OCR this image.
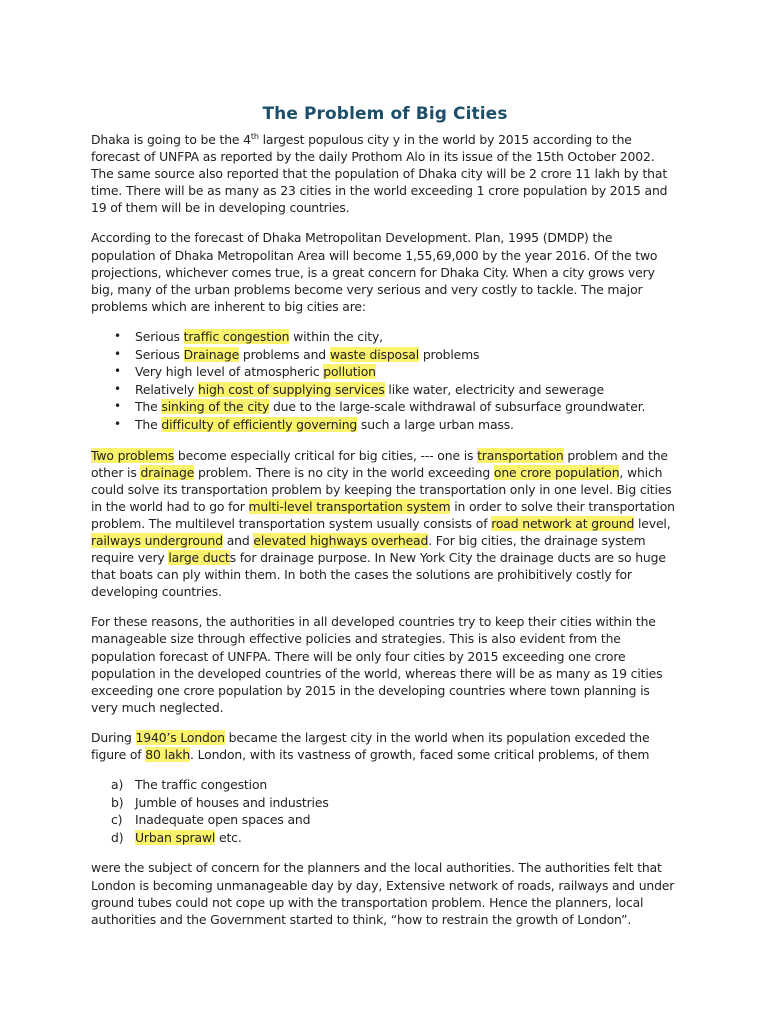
The Problem of Big Cities

Dhaka is going to be the 4th largest populous city y in the world by 2015 according to the forecast of UNFPA as reported by the daily Prothom Alo in its issue of the 15th October 2002. The same source also reported that the population of Dhaka city will be 2 crore 11 lakh by that time. There will be as many as 23 cities in the world exceeding 1 crore population by 2015 and 19 of them will be in developing countries.

According to the forecast of Dhaka Metropolitan Development. Plan, 1995 (DMDP) the population of Dhaka Metropolitan Area will become 1,55,69,000 by the year 2016. Of the two projections, whichever comes true, is a great concern for Dhaka City. When a city grows very big, many of the urban problems become very serious and very costly to tackle. The major problems which are inherent to big cities are:

• Serious traffic congestion within the city,
• Serious Drainage problems and waste disposal problems
• Very high level of atmospheric pollution
• Relatively high cost of supplying services like water, electricity and sewerage
• The sinking of the city due to the large-scale withdrawal of subsurface groundwater.
• The difficulty of efficiently governing such a large urban mass.

Two problems become especially critical for big cities, --- one is transportation problem and the other is drainage problem. There is no city in the world exceeding one crore population, which could solve its transportation problem by keeping the transportation only in one level. Big cities in the world had to go for multi-level transportation system in order to solve their transportation problem. The multilevel transportation system usually consists of road network at ground level, railways underground and elevated highways overhead. For big cities, the drainage system require very large ducts for drainage purpose. In New York City the drainage ducts are so huge that boats can ply within them. In both the cases the solutions are prohibitively costly for developing countries.

For these reasons, the authorities in all developed countries try to keep their cities within the manageable size through effective policies and strategies. This is also evident from the population forecast of UNFPA. There will be only four cities by 2015 exceeding one crore population in the developed countries of the world, whereas there will be as many as 19 cities exceeding one crore population by 2015 in the developing countries where town planning is very much neglected.

During 1940’s London became the largest city in the world when its population exceded the figure of 80 lakh. London, with its vastness of growth, faced some critical problems, of them

a) The traffic congestion
b) Jumble of houses and industries
c) Inadequate open spaces and
d) Urban sprawl etc.

were the subject of concern for the planners and the local authorities. The authorities felt that London is becoming unmanageable day by day, Extensive network of roads, railways and under ground tubes could not cope up with the transportation problem. Hence the planners, local authorities and the Government started to think, “how to restrain the growth of London”.
